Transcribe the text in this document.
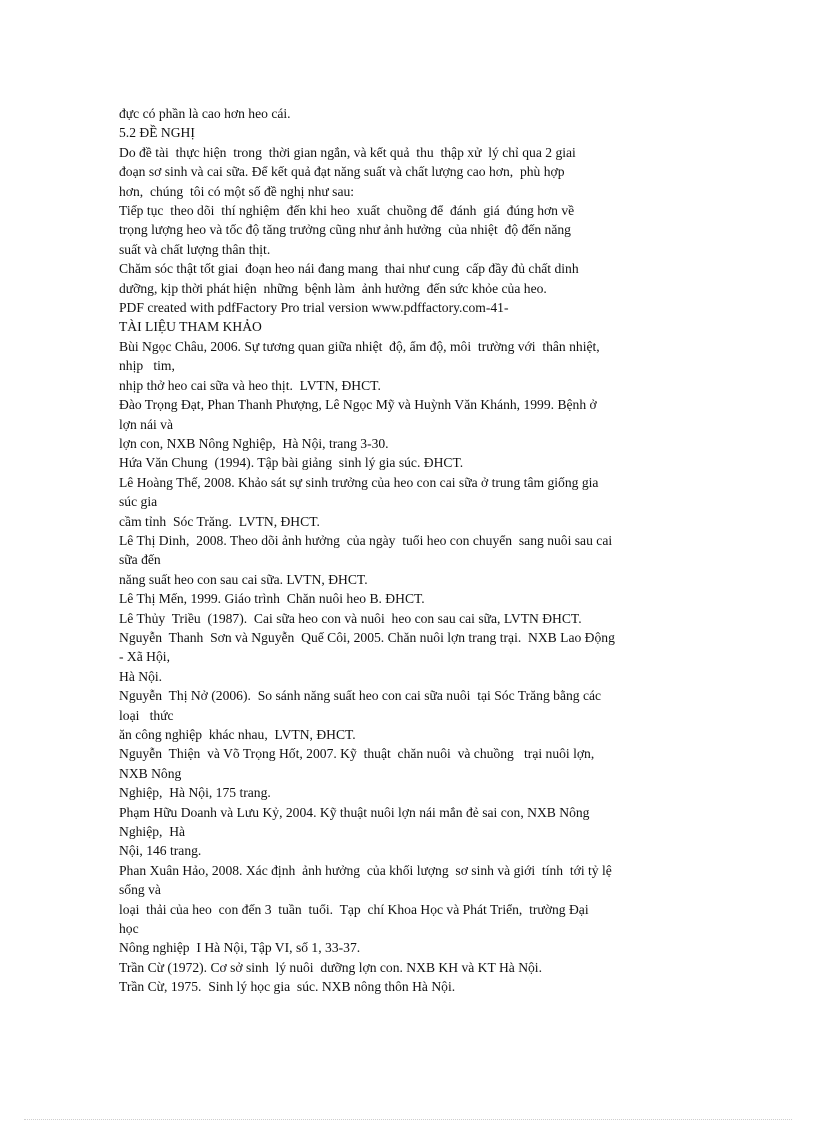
đực có phần là cao hơn heo cái.
5.2 ĐỀ NGHỊ
Do đề tài  thực hiện  trong  thời gian ngắn, và kết quả  thu  thập xử  lý chỉ qua 2 giai
đoạn sơ sinh và cai sữa. Để kết quả đạt năng suất và chất lượng cao hơn,  phù hợp
hơn,  chúng  tôi có một số đề nghị như sau:
Tiếp tục  theo dõi  thí nghiệm  đến khi heo  xuất  chuồng để  đánh  giá  đúng hơn về
trọng lượng heo và tốc độ tăng trưởng cũng như ảnh hưởng  của nhiệt  độ đến năng
suất và chất lượng thân thịt.
Chăm sóc thật tốt giai  đoạn heo nái đang mang  thai như cung  cấp đầy đủ chất dinh
dưỡng, kịp thời phát hiện  những  bệnh làm  ảnh hưởng  đến sức khỏe của heo.
PDF created with pdfFactory Pro trial version www.pdffactory.com-41-
TÀI LIỆU THAM KHẢO
Bùi Ngọc Châu, 2006. Sự tương quan giữa nhiệt  độ, ẩm độ, môi  trường với  thân nhiệt,
nhịp   tim,
nhịp thở heo cai sữa và heo thịt.  LVTN, ĐHCT.
Đào Trọng Đạt, Phan Thanh Phượng, Lê Ngọc Mỹ và Huỳnh Văn Khánh, 1999. Bệnh ở
lợn nái và
lợn con, NXB Nông Nghiệp,  Hà Nội, trang 3-30.
Hứa Văn Chung  (1994). Tập bài giảng  sinh lý gia súc. ĐHCT.
Lê Hoàng Thế, 2008. Khảo sát sự sinh trưởng của heo con cai sữa ở trung tâm giống gia
súc gia
cầm tỉnh  Sóc Trăng.  LVTN, ĐHCT.
Lê Thị Dinh,  2008. Theo dõi ảnh hưởng  của ngày  tuổi heo con chuyển  sang nuôi sau cai
sữa đến
năng suất heo con sau cai sữa. LVTN, ĐHCT.
Lê Thị Mến, 1999. Giáo trình  Chăn nuôi heo B. ĐHCT.
Lê Thủy  Triều  (1987).  Cai sữa heo con và nuôi  heo con sau cai sữa, LVTN ĐHCT.
Nguyễn  Thanh  Sơn và Nguyễn  Quế Côi, 2005. Chăn nuôi lợn trang trại.  NXB Lao Động
- Xã Hội,
Hà Nội.
Nguyễn  Thị Nở (2006).  So sánh năng suất heo con cai sữa nuôi  tại Sóc Trăng bằng các
loại   thức
ăn công nghiệp  khác nhau,  LVTN, ĐHCT.
Nguyễn  Thiện  và Võ Trọng Hốt, 2007. Kỹ  thuật  chăn nuôi  và chuồng   trại nuôi lợn,
NXB Nông
Nghiệp,  Hà Nội, 175 trang.
Phạm Hữu Doanh và Lưu Kỷ, 2004. Kỹ thuật nuôi lợn nái mắn đẻ sai con, NXB Nông
Nghiệp,  Hà
Nội, 146 trang.
Phan Xuân Hảo, 2008. Xác định  ảnh hưởng  của khối lượng  sơ sinh và giới  tính  tới tỷ lệ
sống và
loại  thải của heo  con đến 3  tuần  tuổi.  Tạp  chí Khoa Học và Phát Triển,  trường Đại
học
Nông nghiệp  I Hà Nội, Tập VI, số 1, 33-37.
Trần Cừ (1972). Cơ sở sinh  lý nuôi  dưỡng lợn con. NXB KH và KT Hà Nội.
Trần Cừ, 1975.  Sinh lý học gia  súc. NXB nông thôn Hà Nội.
